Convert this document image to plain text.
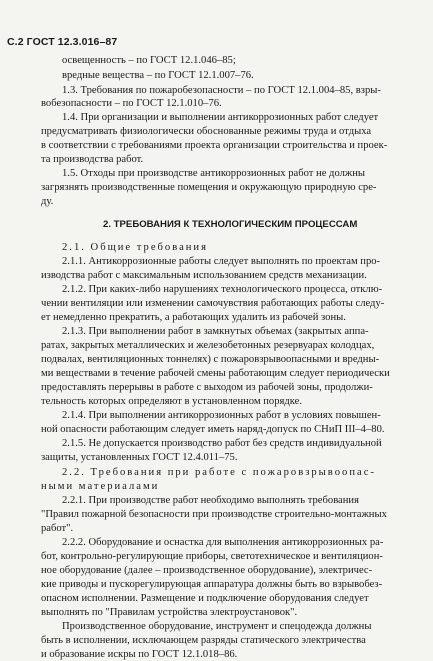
С.2 ГОСТ 12.3.016–87
освещенность – по ГОСТ 12.1.046–85;
вредные вещества – по ГОСТ 12.1.007–76.
1.3. Требования по пожаробезопасности – по ГОСТ 12.1.004–85, взры-
вобезопасности – по ГОСТ 12.1.010–76.
1.4. При организации и выполнении антикоррозионных работ следует
предусматривать физиологически обоснованные режимы труда и отдыха
в соответствии с требованиями проекта организации строительства и проек-
та производства работ.
1.5. Отходы при производстве антикоррозионных работ не должны
загрязнять производственные помещения и окружающую природную сре-
ду.
2. ТРЕБОВАНИЯ К ТЕХНОЛОГИЧЕСКИМ ПРОЦЕССАМ
2.1. Общие требования
2.1.1. Антикоррозионные работы следует выполнять по проектам про-
изводства работ с максимальным использованием средств механизации.
2.1.2. При каких-либо нарушениях технологического процесса, отклю-
чении вентиляции или изменении самочувствия работающих работы следу-
ет немедленно прекратить, а работающих удалить из рабочей зоны.
2.1.3. При выполнении работ в замкнутых объемах (закрытых аппа-
ратах, закрытых металлических и железобетонных резервуарах колодцах,
подвалах, вентиляционных тоннелях) с пожаровзрывоопасными и вредны-
ми веществами в течение рабочей смены работающим следует периодически
предоставлять перерывы в работе с выходом из рабочей зоны, продолжи-
тельность которых определяют в установленном порядке.
2.1.4. При выполнении антикоррозионных работ в условиях повышен-
ной опасности работающим следует иметь наряд-допуск по СНиП III–4–80.
2.1.5. Не допускается производство работ без средств индивидуальной
защиты, установленных ГОСТ 12.4.011–75.
2.2. Требования при работе с пожаровзрывоопас-
ными материалами
2.2.1. При производстве работ необходимо выполнять требования
"Правил пожарной безопасности при производстве строительно-монтажных
работ".
2.2.2. Оборудование и оснастка для выполнения антикоррозионных ра-
бот, контрольно-регулирующие приборы, светотехническое и вентиляцион-
ное оборудование (далее – производственное оборудование), электричес-
кие приводы и пускорегулирующая аппаратура должны быть во взрывобез-
опасном исполнении. Размещение и подключение оборудования следует
выполнять по "Правилам устройства электроустановок".
Производственное оборудование, инструмент и спецодежда должны
быть в исполнении, исключающем разряды статического электричества
и образование искры по ГОСТ 12.1.018–86.
